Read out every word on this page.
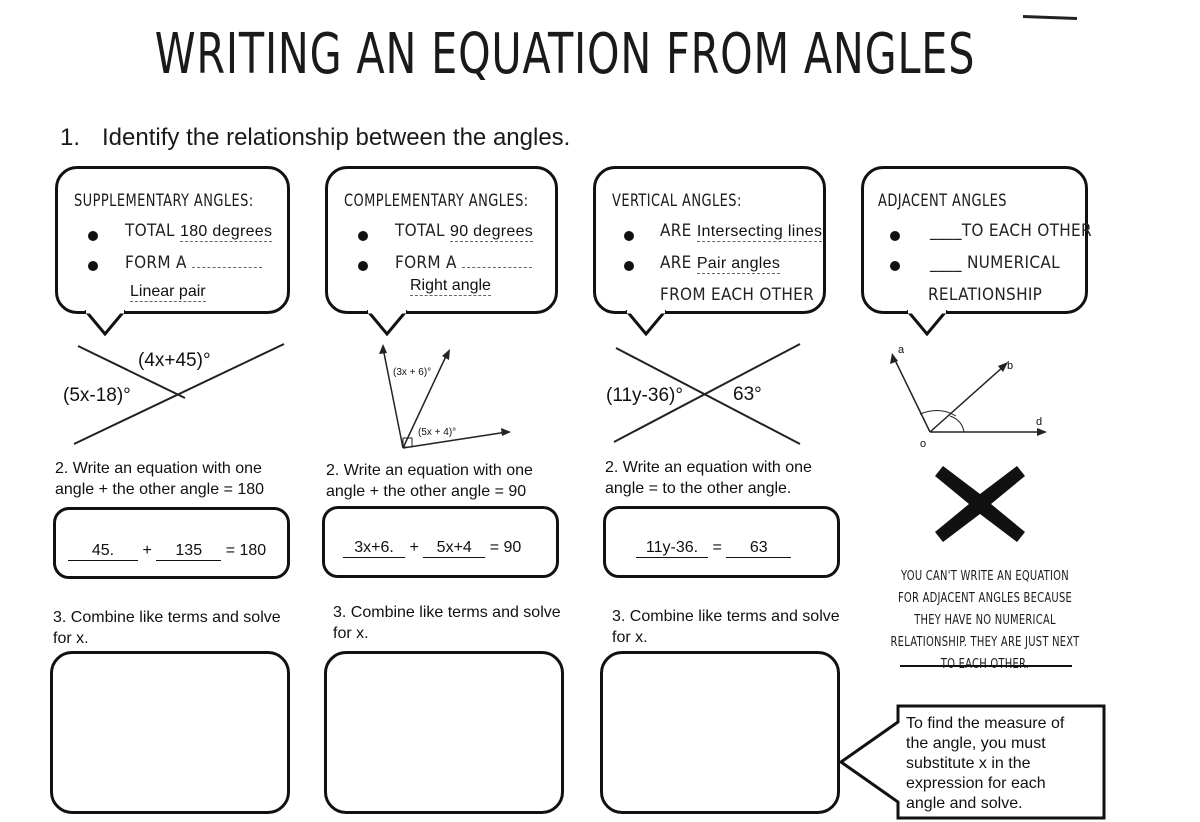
WRITING AN EQUATION FROM ANGLES
1. Identify the relationship between the angles.
SUPPLEMENTARY ANGLES:
TOTAL 180 degrees
FORM A
Linear pair
(4x+45)°
(5x-18)°
2. Write an equation with one angle + the other angle = 180
45. + 135 = 180
3. Combine like terms and solve for x.
COMPLEMENTARY ANGLES:
TOTAL 90 degrees
FORM A
Right angle
(3x + 6)°
(5x + 4)°
2. Write an equation with one angle + the other angle = 90
3x+6. + 5x+4 = 90
3. Combine like terms and solve for x.
VERTICAL ANGLES:
ARE Intersecting lines
ARE Pair angles
FROM EACH OTHER
(11y-36)°	63°
2. Write an equation with one angle = to the other angle.
11y-36. = 63
3. Combine like terms and solve for x.
ADJACENT ANGLES
____TO EACH OTHER
____ NUMERICAL
RELATIONSHIP
a
b
d
o
YOU CAN'T WRITE AN EQUATION FOR ADJACENT ANGLES BECAUSE THEY HAVE NO NUMERICAL RELATIONSHIP. THEY ARE JUST NEXT
To find the measure of the angle, you must substitute x in the expression for each angle and solve.
